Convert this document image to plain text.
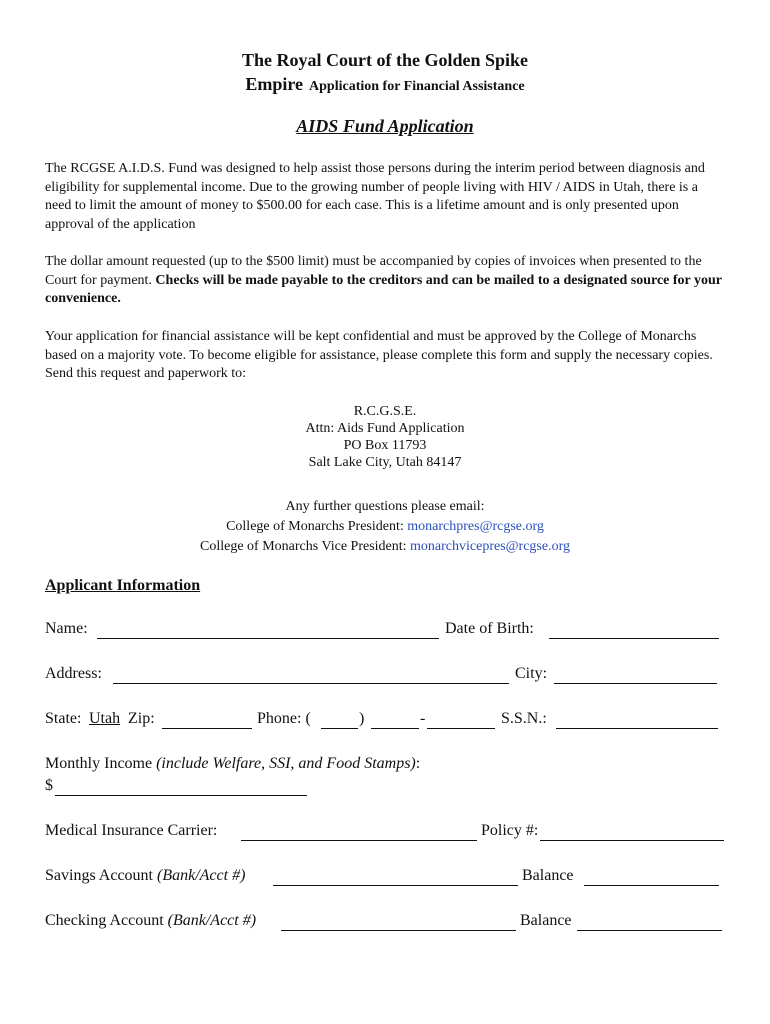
The Royal Court of the Golden Spike
Empire Application for Financial Assistance
AIDS Fund Application
The RCGSE A.I.D.S. Fund was designed to help assist those persons during the interim period between diagnosis and eligibility for supplemental income. Due to the growing number of people living with HIV / AIDS in Utah, there is a need to limit the amount of money to $500.00 for each case. This is a lifetime amount and is only presented upon approval of the application
The dollar amount requested (up to the $500 limit) must be accompanied by copies of invoices when presented to the Court for payment. Checks will be made payable to the creditors and can be mailed to a designated source for your convenience.
Your application for financial assistance will be kept confidential and must be approved by the College of Monarchs based on a majority vote. To become eligible for assistance, please complete this form and supply the necessary copies. Send this request and paperwork to:
R.C.G.S.E.
Attn: Aids Fund Application
PO Box 11793
Salt Lake City, Utah 84147
Any further questions please email:
College of Monarchs President: monarchpres@rcgse.org
College of Monarchs Vice President: monarchvicepres@rcgse.org
Applicant Information
Name:	Date of Birth:
Address:	City:
State: Utah Zip:	Phone: (	)	-	S.S.N.:
Monthly Income (include Welfare, SSI, and Food Stamps):
$
Medical Insurance Carrier:	Policy #:
Savings Account (Bank/Acct #)	Balance
Checking Account (Bank/Acct #)	Balance
